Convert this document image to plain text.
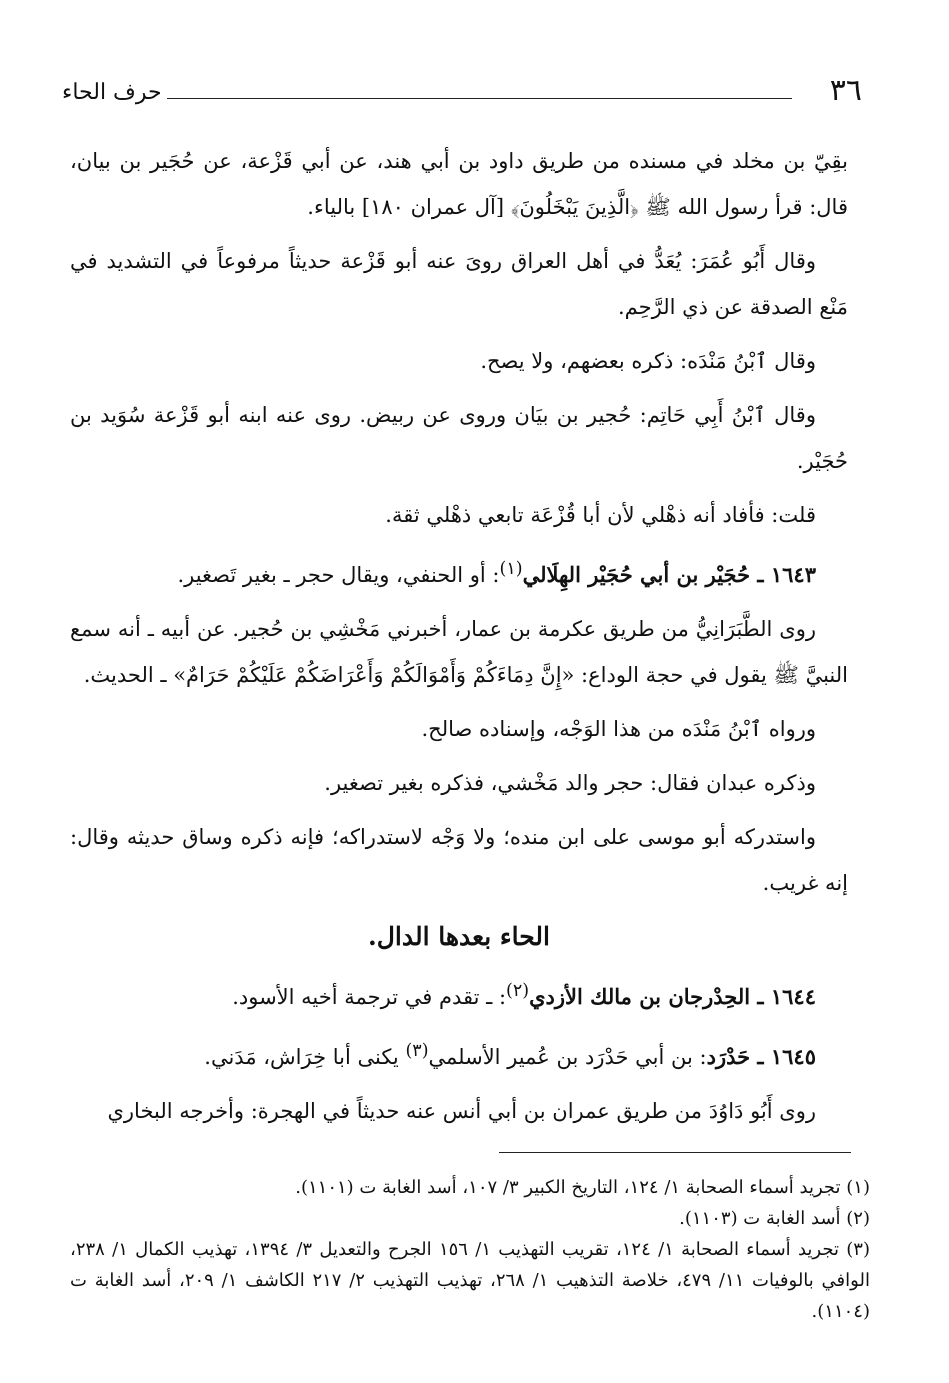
٣٦
حرف الحاء

بقِيّ بن مخلد في مسنده من طريق داود بن أبي هند، عن أبي قَزْعة، عن حُجَير بن بيان، قال: قرأ رسول الله ﷺ ﴿الَّذِينَ يَبْخَلُونَ﴾ [آل عمران ١٨٠] بالياء.

وقال أَبُو عُمَرَ: يُعَدُّ في أهل العراق روىَ عنه أبو قَزْعة حديثاً مرفوعاً في التشديد في مَنْع الصدقة عن ذي الرَّحِم.

وقال ٱبْنُ مَنْدَه: ذكره بعضهم، ولا يصح.

وقال ٱبْنُ أَبِي حَاتِم: حُجير بن بيَان وروى عن ربيض. روى عنه ابنه أبو قَزْعة سُوَيد بن حُجَيْر.

قلت: فأفاد أنه ذهْلي لأن أبا قُزْعَة تابعي ذهْلي ثقة.

١٦٤٣ ـ حُجَيْر بن أبي حُجَيْر الهِلَالي$^{(١)}$: أو الحنفي، ويقال حجر ـ بغير تَصغير.

روى الطَّبَرَانِيُّ من طريق عكرمة بن عمار، أخبرني مَخْشِي بن حُجير. عن أبيه ـ أنه سمع النبيَّ ﷺ يقول في حجة الوداع: «إِنَّ دِمَاءَكُمْ وَأَمْوَالَكُمْ وَأَعْرَاضَكُمْ عَلَيْكُمْ حَرَامٌ» ـ الحديث.

ورواه ٱبْنُ مَنْدَه من هذا الوَجْه، وإسناده صالح.

وذكره عبدان فقال: حجر والد مَخْشي، فذكره بغير تصغير.

واستدركه أبو موسى على ابن منده؛ ولا وَجْه لاستدراكه؛ فإنه ذكره وساق حديثه وقال: إنه غريب.

الحاء بعدها الدال.

١٦٤٤ ـ الحِدْرجان بن مالك الأزدي$^{(٢)}$: ـ تقدم في ترجمة أخيه الأسود.

١٦٤٥ ـ حَدْرَد: بن أبي حَدْرَد بن عُمير الأسلمي$^{(٣)}$ يكنى أبا خِرَاش، مَدَني.

روى أَبُو دَاوُدَ من طريق عمران بن أبي أنس عنه حديثاً في الهجرة: وأخرجه البخاري

(١) تجريد أسماء الصحابة ١/ ١٢٤، التاريخ الكبير ٣/ ١٠٧، أسد الغابة ت (١١٠١).

(٢) أسد الغابة ت (١١٠٣).

(٣) تجريد أسماء الصحابة ١/ ١٢٤، تقريب التهذيب ١/ ١٥٦ الجرح والتعديل ٣/ ١٣٩٤، تهذيب الكمال ١/ ٢٣٨، الوافي بالوفيات ١١/ ٤٧٩، خلاصة التذهيب ١/ ٢٦٨، تهذيب التهذيب ٢/ ٢١٧ الكاشف ١/ ٢٠٩، أسد الغابة ت (١١٠٤).
